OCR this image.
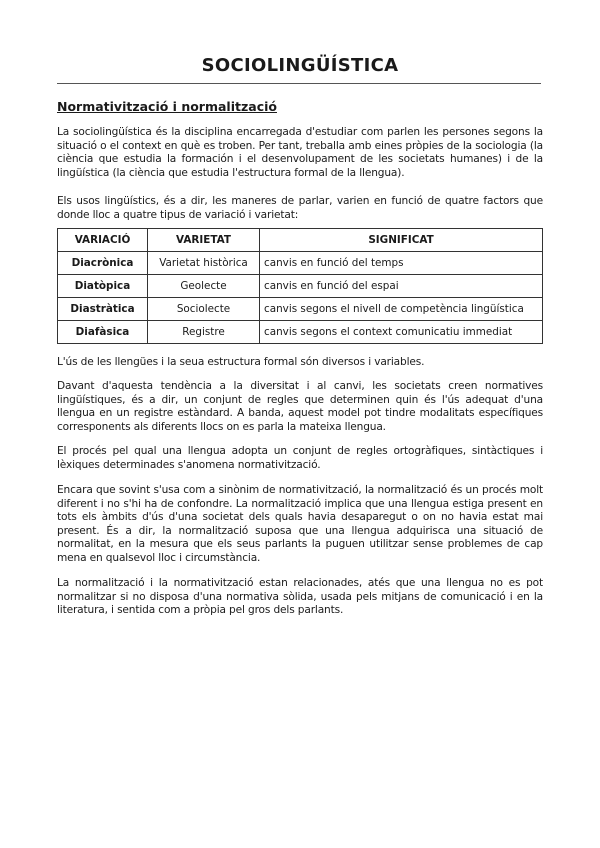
SOCIOLINGÜÍSTICA
Normativització i normalització

La sociolingüística és la disciplina encarregada d'estudiar com parlen les persones segons la situació o el context en què es troben. Per tant, treballa amb eines pròpies de la sociologia (la ciència que estudia la formación i el desenvolupament de les societats humanes) i de la lingüística (la ciència que estudia l'estructura formal de la llengua).

Els usos lingüístics, és a dir, les maneres de parlar, varien en funció de quatre factors que donde lloc a quatre tipus de variació i varietat:

VARIACIÓ	VARIETAT	SIGNIFICAT
Diacrònica	Varietat històrica	canvis en funció del temps
Diatòpica	Geolecte	canvis en funció del espai
Diastràtica	Sociolecte	canvis segons el nivell de competència lingüística
Diafàsica	Registre	canvis segons el context comunicatiu immediat

L'ús de les llengües i la seua estructura formal són diversos i variables.

Davant d'aquesta tendència a la diversitat i al canvi, les societats creen normatives lingüístiques, és a dir, un conjunt de regles que determinen quin és l'ús adequat d'una llengua en un registre estàndard. A banda, aquest model pot tindre modalitats específiques corresponents als diferents llocs on es parla la mateixa llengua.

El procés pel qual una llengua adopta un conjunt de regles ortogràfiques, sintàctiques i lèxiques determinades s'anomena normativització.

Encara que sovint s'usa com a sinònim de normativització, la normalització és un procés molt diferent i no s'hi ha de confondre. La normalització implica que una llengua estiga present en tots els àmbits d'ús d'una societat dels quals havia desaparegut o on no havia estat mai present. És a dir, la normalització suposa que una llengua adquirisca una situació de normalitat, en la mesura que els seus parlants la puguen utilitzar sense problemes de cap mena en qualsevol lloc i circumstància.

La normalització i la normativització estan relacionades, atés que una llengua no es pot normalitzar si no disposa d'una normativa sòlida, usada pels mitjans de comunicació i en la literatura, i sentida com a pròpia pel gros dels parlants.
